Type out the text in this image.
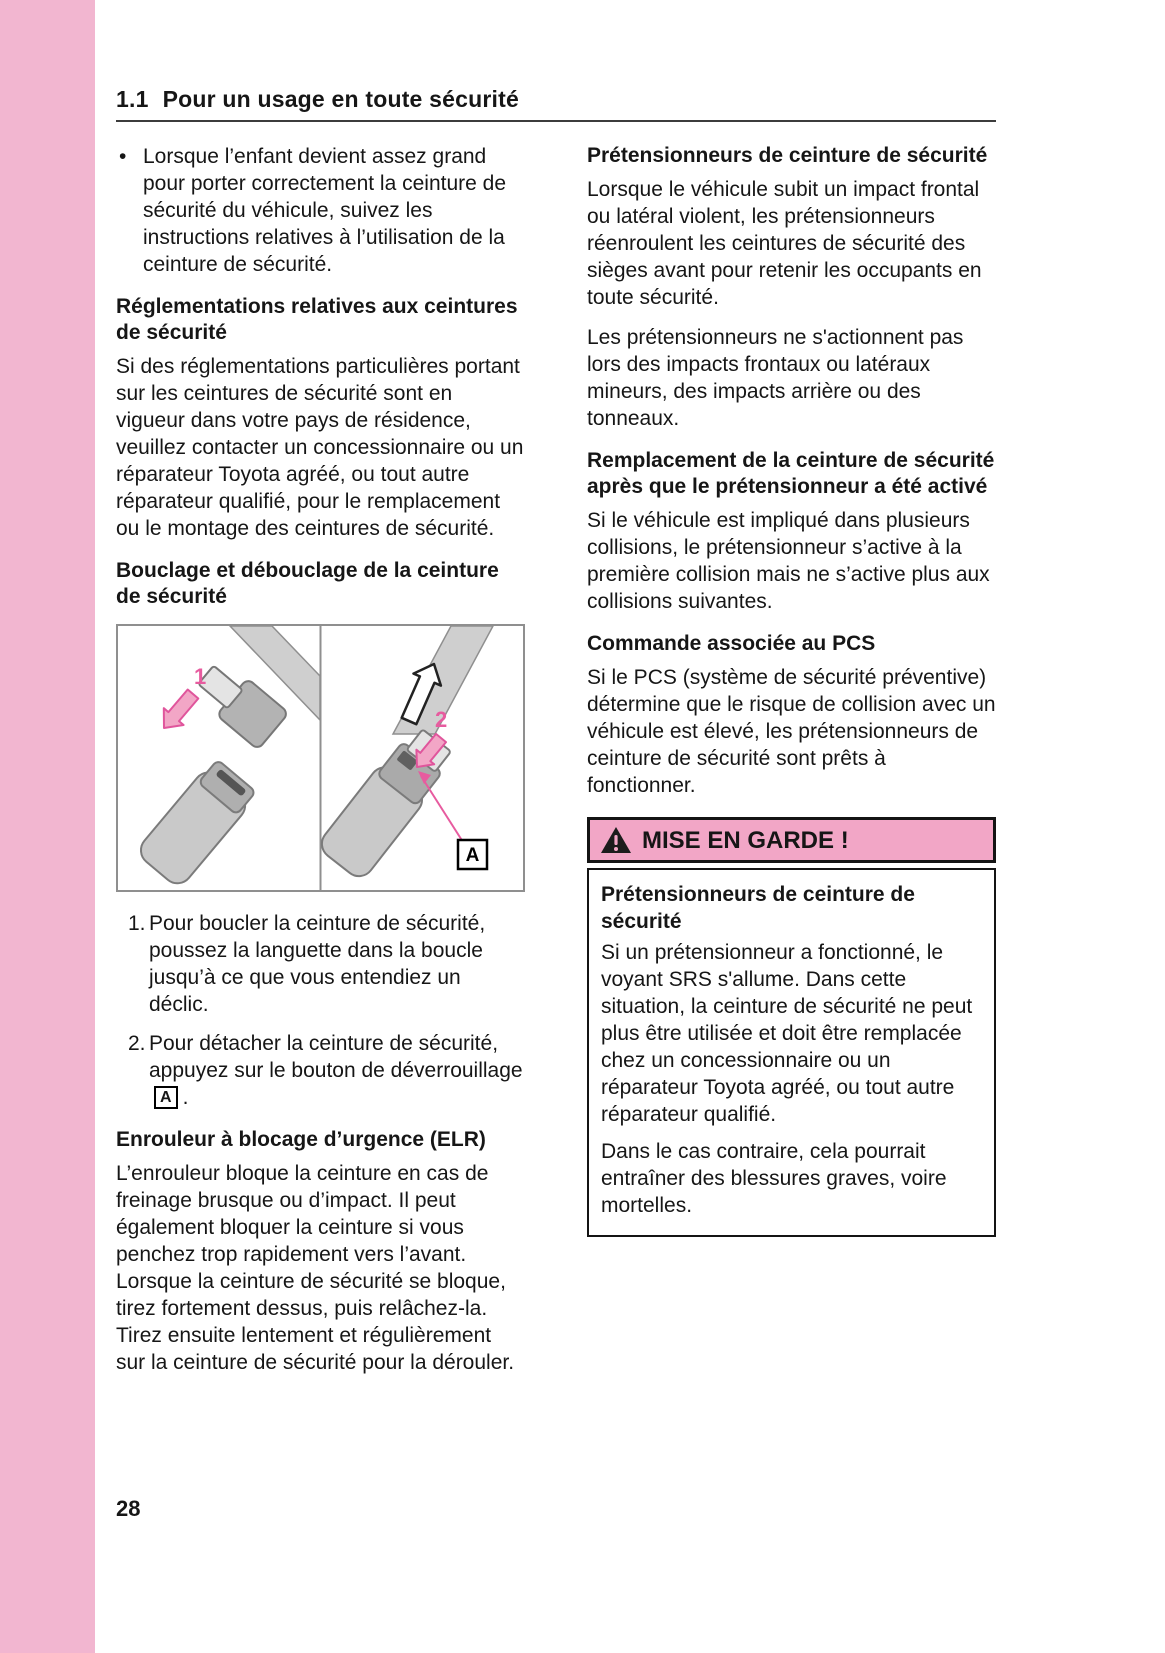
1.1 Pour un usage en toute sécurité
• Lorsque l’enfant devient assez grand pour porter correctement la ceinture de sécurité du véhicule, suivez les instructions relatives à l’utilisation de la ceinture de sécurité.
Réglementations relatives aux ceintures de sécurité

Si des réglementations particulières portant sur les ceintures de sécurité sont en vigueur dans votre pays de résidence, veuillez contacter un concessionnaire ou un réparateur Toyota agréé, ou tout autre réparateur qualifié, pour le remplacement ou le montage des ceintures de sécurité.

Bouclage et débouclage de la ceinture de sécurité
1
2
A
1. Pour boucler la ceinture de sécurité, poussez la languette dans la boucle jusqu’à ce que vous entendiez un déclic.
2. Pour détacher la ceinture de sécurité, appuyez sur le bouton de déverrouillageA .
Enrouleur à blocage d’urgence (ELR)

L’enrouleur bloque la ceinture en cas de freinage brusque ou d’impact. Il peut également bloquer la ceinture si vous penchez trop rapidement vers l’avant. Lorsque la ceinture de sécurité se bloque, tirez fortement dessus, puis relâchez-la. Tirez ensuite lentement et régulièrement sur la ceinture de sécurité pour la dérouler.

Prétensionneurs de ceinture de sécurité

Lorsque le véhicule subit un impact frontal ou latéral violent, les prétensionneurs réenroulent les ceintures de sécurité des sièges avant pour retenir les occupants en toute sécurité.

Les prétensionneurs ne s'actionnent pas lors des impacts frontaux ou latéraux mineurs, des impacts arrière ou des tonneaux.

Remplacement de la ceinture de sécurité après que le prétensionneur a été activé

Si le véhicule est impliqué dans plusieurs collisions, le prétensionneur s’active à la première collision mais ne s’active plus aux collisions suivantes.

Commande associée au PCS

Si le PCS (système de sécurité préventive) détermine que le risque de collision avec un véhicule est élevé, les prétensionneurs de ceinture de sécurité sont prêts à fonctionner.

MISE EN GARDE !
Prétensionneurs de ceinture de sécurité

Si un prétensionneur a fonctionné, le voyant SRS s'allume. Dans cette situation, la ceinture de sécurité ne peut plus être utilisée et doit être remplacée chez un concessionnaire ou un réparateur Toyota agréé, ou tout autre réparateur qualifié.

Dans le cas contraire, cela pourrait entraîner des blessures graves, voire mortelles.

28
